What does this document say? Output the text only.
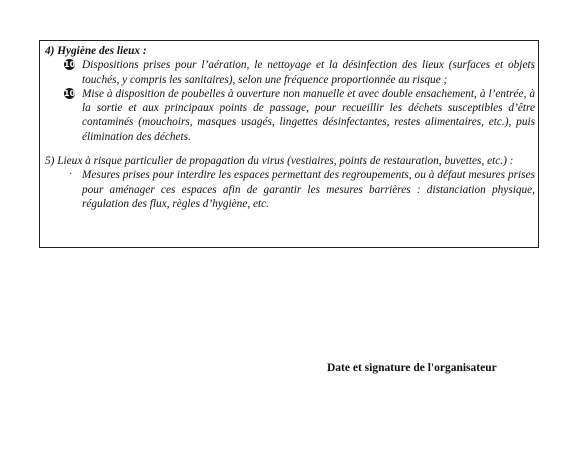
4) Hygiène des lieux :
10 Dispositions prises pour l’aération, le nettoyage et la désinfection des lieux (surfaces et objets touchés, y compris les sanitaires), selon une fréquence proportionnée au risque ;
10 Mise à disposition de poubelles à ouverture non manuelle et avec double ensachement, à l’entrée, à la sortie et aux principaux points de passage, pour recueillir les déchets susceptibles d’être contaminés (mouchoirs, masques usagés, lingettes désinfectantes, restes alimentaires, etc.), puis élimination des déchets.
5) Lieux à risque particulier de propagation du virus (vestiaires, points de restauration, buvettes, etc.) :
· Mesures prises pour interdire les espaces permettant des regroupements, ou à défaut mesures prises pour aménager ces espaces afin de garantir les mesures barrières : distanciation physique, régulation des flux, règles d’hygiène, etc.
Date et signature de l'organisateur
